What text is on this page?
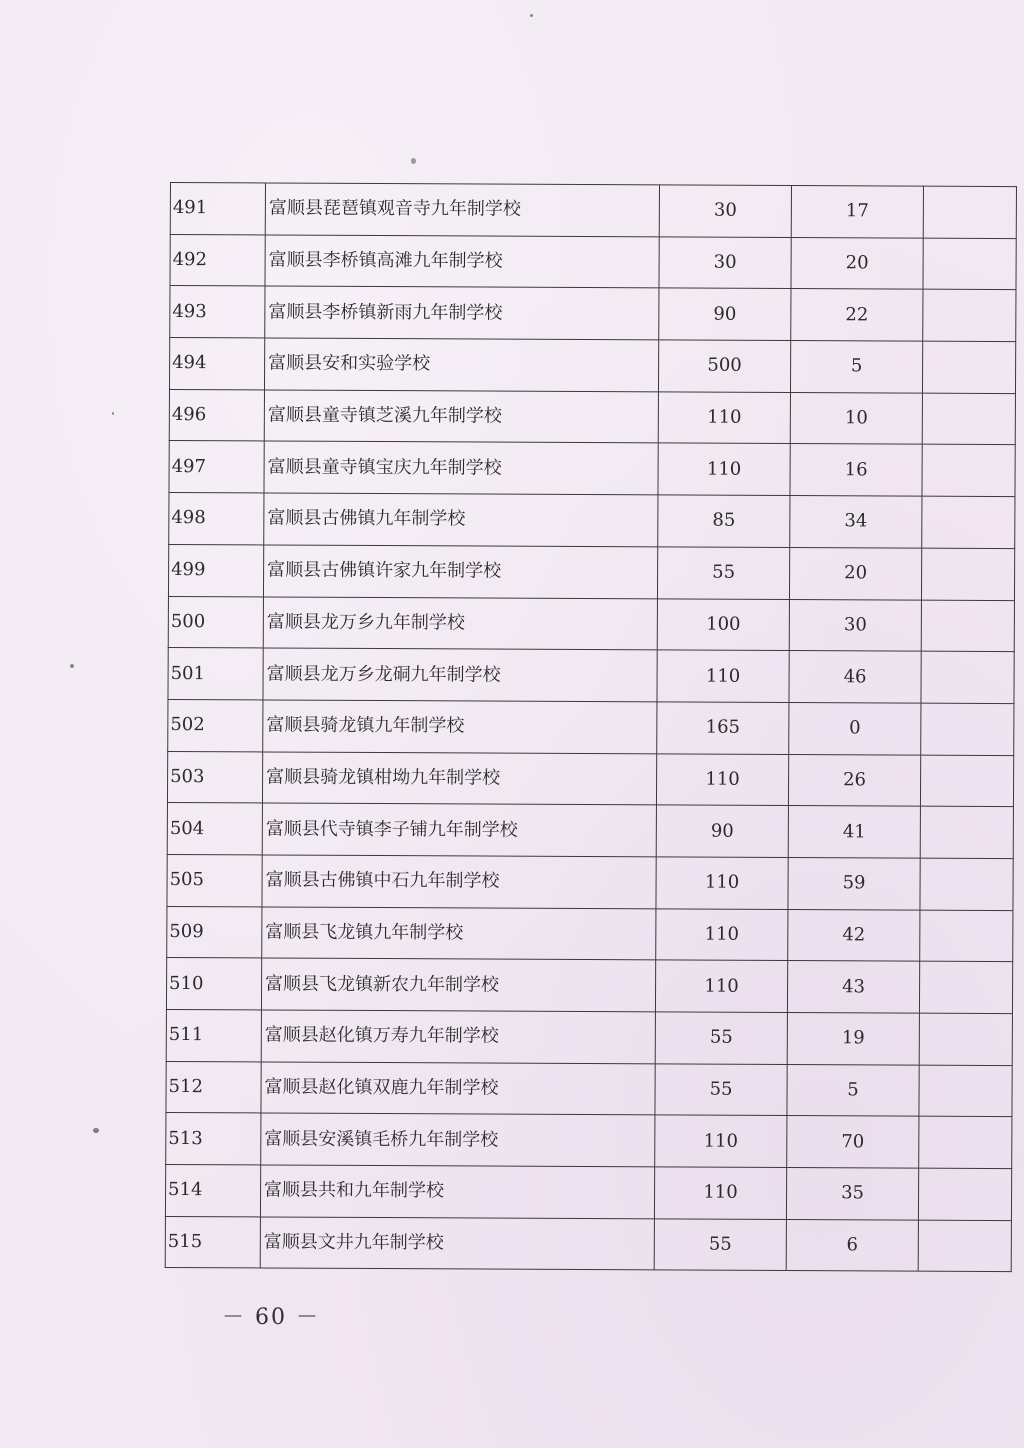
491	富顺县琵琶镇观音寺九年制学校	30	17	
492	富顺县李桥镇高滩九年制学校	30	20	
493	富顺县李桥镇新雨九年制学校	90	22	
494	富顺县安和实验学校	500	5	
496	富顺县童寺镇芝溪九年制学校	110	10	
497	富顺县童寺镇宝庆九年制学校	110	16	
498	富顺县古佛镇九年制学校	85	34	
499	富顺县古佛镇许家九年制学校	55	20	
500	富顺县龙万乡九年制学校	100	30	
501	富顺县龙万乡龙硐九年制学校	110	46	
502	富顺县骑龙镇九年制学校	165	0	
503	富顺县骑龙镇柑坳九年制学校	110	26	
504	富顺县代寺镇李子铺九年制学校	90	41	
505	富顺县古佛镇中石九年制学校	110	59	
509	富顺县飞龙镇九年制学校	110	42	
510	富顺县飞龙镇新农九年制学校	110	43	
511	富顺县赵化镇万寿九年制学校	55	19	
512	富顺县赵化镇双鹿九年制学校	55	5	
513	富顺县安溪镇毛桥九年制学校	110	70	
514	富顺县共和九年制学校	110	35	
515	富顺县文井九年制学校	55	6	
－ 60 －
